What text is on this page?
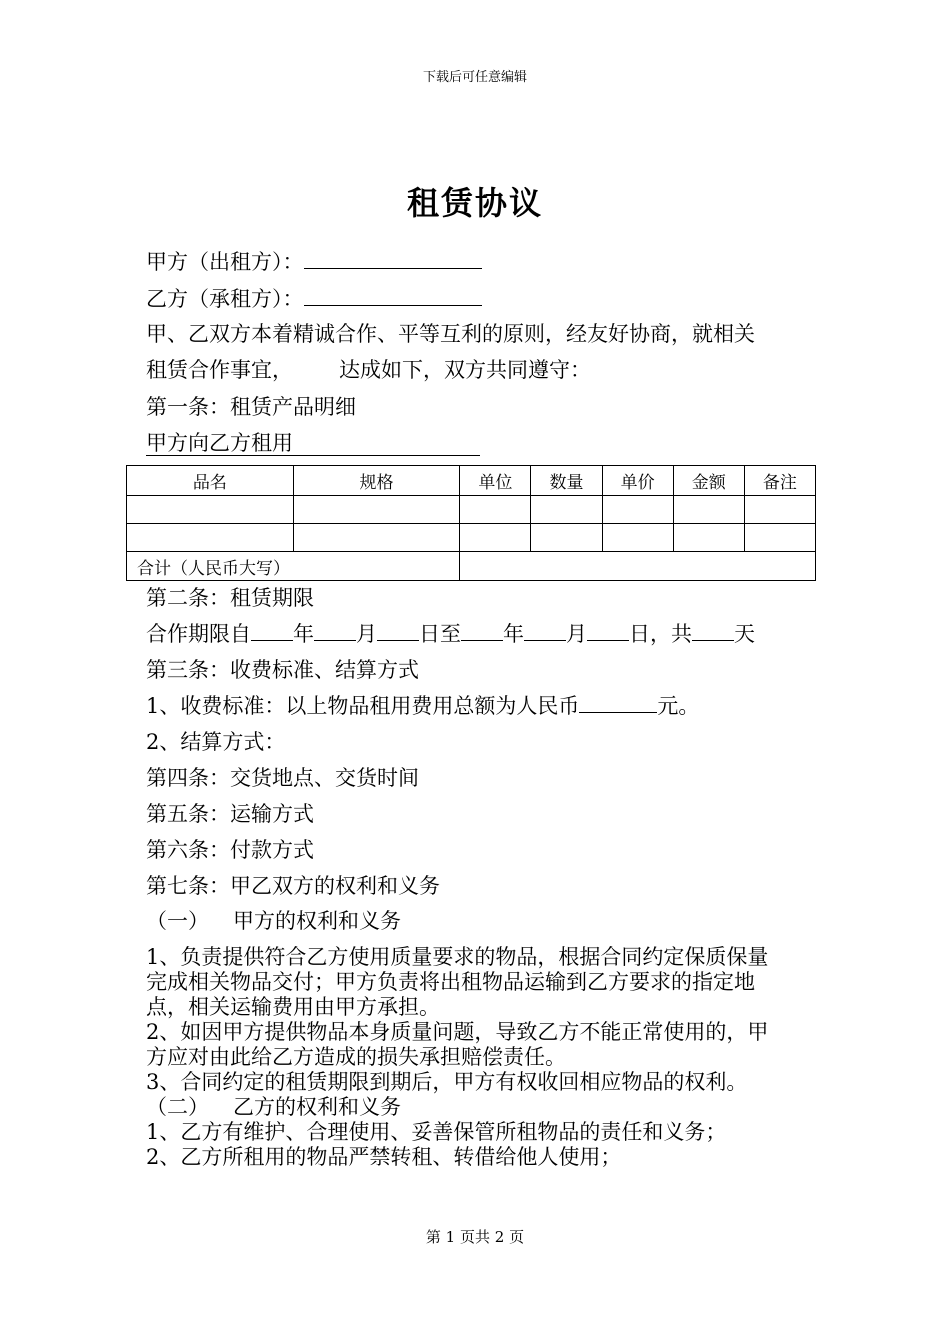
下载后可任意编辑
租赁协议
甲方（出租方）：
乙方（承租方）：
甲、乙双方本着精诚合作、平等互利的原则，经友好协商，就相关
租赁合作事宜， 达成如下，双方共同遵守：
第一条：租赁产品明细
甲方向乙方租用
品名	规格	单位	数量	单价	金额	备注

合计（人民币大写）						
第二条：租赁期限
合作期限自 年 月 日至 年 月 日，共 天
第三条：收费标准、结算方式
1、收费标准：以上物品租用费用总额为人民币	元。
2、结算方式：
第四条：交货地点、交货时间
第五条：运输方式
第六条：付款方式
第七条：甲乙双方的权利和义务
（一） 甲方的权利和义务
1、负责提供符合乙方使用质量要求的物品，根据合同约定保质保量
完成相关物品交付；甲方负责将出租物品运输到乙方要求的指定地
点，相关运输费用由甲方承担。
2、如因甲方提供物品本身质量问题，导致乙方不能正常使用的，甲
方应对由此给乙方造成的损失承担赔偿责任。
3、合同约定的租赁期限到期后，甲方有权收回相应物品的权利。
（二） 乙方的权利和义务
1、乙方有维护、合理使用、妥善保管所租物品的责任和义务；
2、乙方所租用的物品严禁转租、转借给他人使用；
第 1 页共 2 页
